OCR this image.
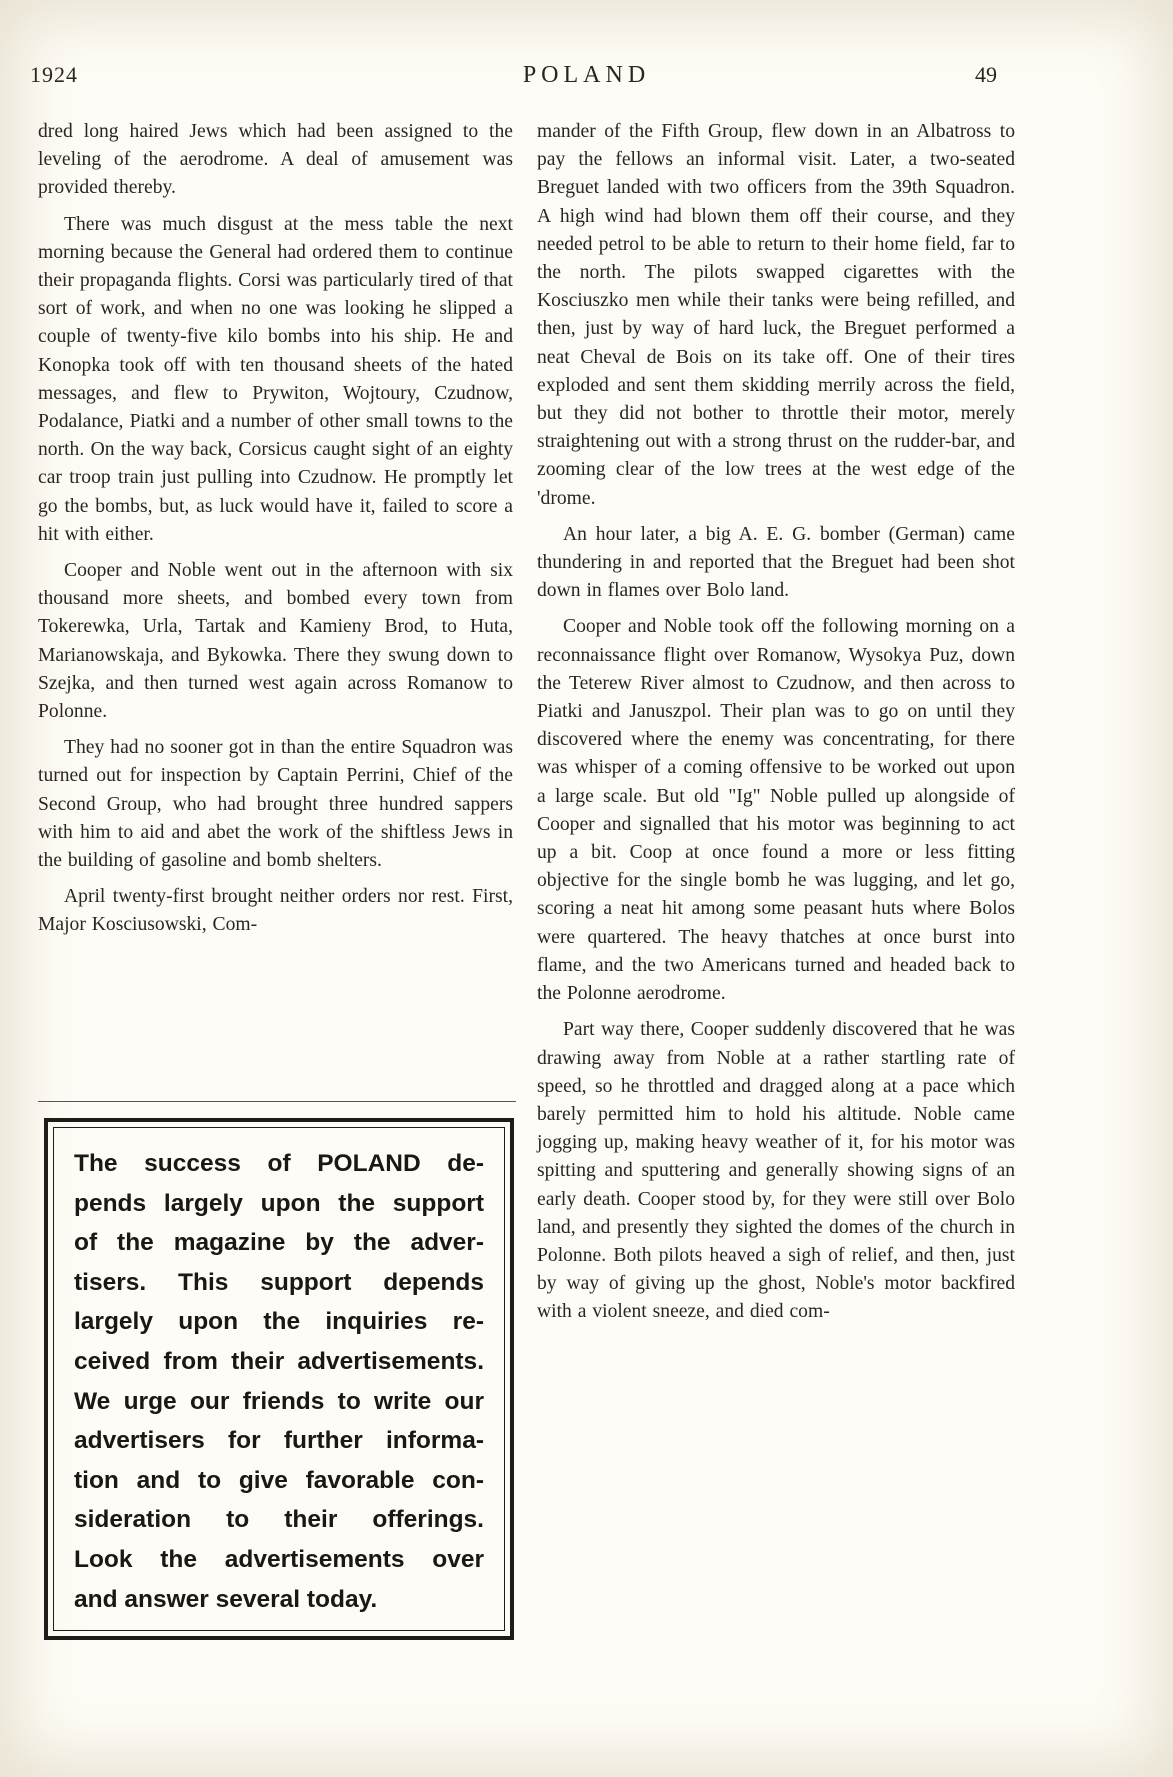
1924	POLAND	49

dred long haired Jews which had been assigned to the leveling of the aerodrome. A deal of amusement was provided thereby.

There was much disgust at the mess table the next morning because the General had ordered them to continue their propaganda flights. Corsi was particularly tired of that sort of work, and when no one was looking he slipped a couple of twenty-five kilo bombs into his ship. He and Konopka took off with ten thousand sheets of the hated messages, and flew to Prywiton, Wojtoury, Czudnow, Podalance, Piatki and a number of other small towns to the north. On the way back, Corsicus caught sight of an eighty car troop train just pulling into Czudnow. He promptly let go the bombs, but, as luck would have it, failed to score a hit with either.

Cooper and Noble went out in the afternoon with six thousand more sheets, and bombed every town from Tokerewka, Urla, Tartak and Kamieny Brod, to Huta, Marianowskaja, and Bykowka. There they swung down to Szejka, and then turned west again across Romanow to Polonne.

They had no sooner got in than the entire Squadron was turned out for inspection by Captain Perrini, Chief of the Second Group, who had brought three hundred sappers with him to aid and abet the work of the shiftless Jews in the building of gasoline and bomb shelters.

April twenty-first brought neither orders nor rest. First, Major Kosciusowski, Com-

The success of POLAND de-
pends largely upon the support
of the magazine by the adver-
tisers. This support depends
largely upon the inquiries re-
ceived from their advertisements.
We urge our friends to write our
advertisers for further informa-
tion and to give favorable con-
sideration to their offerings.
Look the advertisements over
and answer several today.

mander of the Fifth Group, flew down in an Albatross to pay the fellows an informal visit. Later, a two-seated Breguet landed with two officers from the 39th Squadron. A high wind had blown them off their course, and they needed petrol to be able to return to their home field, far to the north. The pilots swapped cigarettes with the Kosciuszko men while their tanks were being refilled, and then, just by way of hard luck, the Breguet performed a neat Cheval de Bois on its take off. One of their tires exploded and sent them skidding merrily across the field, but they did not bother to throttle their motor, merely straightening out with a strong thrust on the rudder-bar, and zooming clear of the low trees at the west edge of the 'drome.

An hour later, a big A. E. G. bomber (German) came thundering in and reported that the Breguet had been shot down in flames over Bolo land.

Cooper and Noble took off the following morning on a reconnaissance flight over Romanow, Wysokya Puz, down the Teterew River almost to Czudnow, and then across to Piatki and Januszpol. Their plan was to go on until they discovered where the enemy was concentrating, for there was whisper of a coming offensive to be worked out upon a large scale. But old "Ig" Noble pulled up alongside of Cooper and signalled that his motor was beginning to act up a bit. Coop at once found a more or less fitting objective for the single bomb he was lugging, and let go, scoring a neat hit among some peasant huts where Bolos were quartered. The heavy thatches at once burst into flame, and the two Americans turned and headed back to the Polonne aerodrome.

Part way there, Cooper suddenly discovered that he was drawing away from Noble at a rather startling rate of speed, so he throttled and dragged along at a pace which barely permitted him to hold his altitude. Noble came jogging up, making heavy weather of it, for his motor was spitting and sputtering and generally showing signs of an early death. Cooper stood by, for they were still over Bolo land, and presently they sighted the domes of the church in Polonne. Both pilots heaved a sigh of relief, and then, just by way of giving up the ghost, Noble's motor backfired with a violent sneeze, and died com-
